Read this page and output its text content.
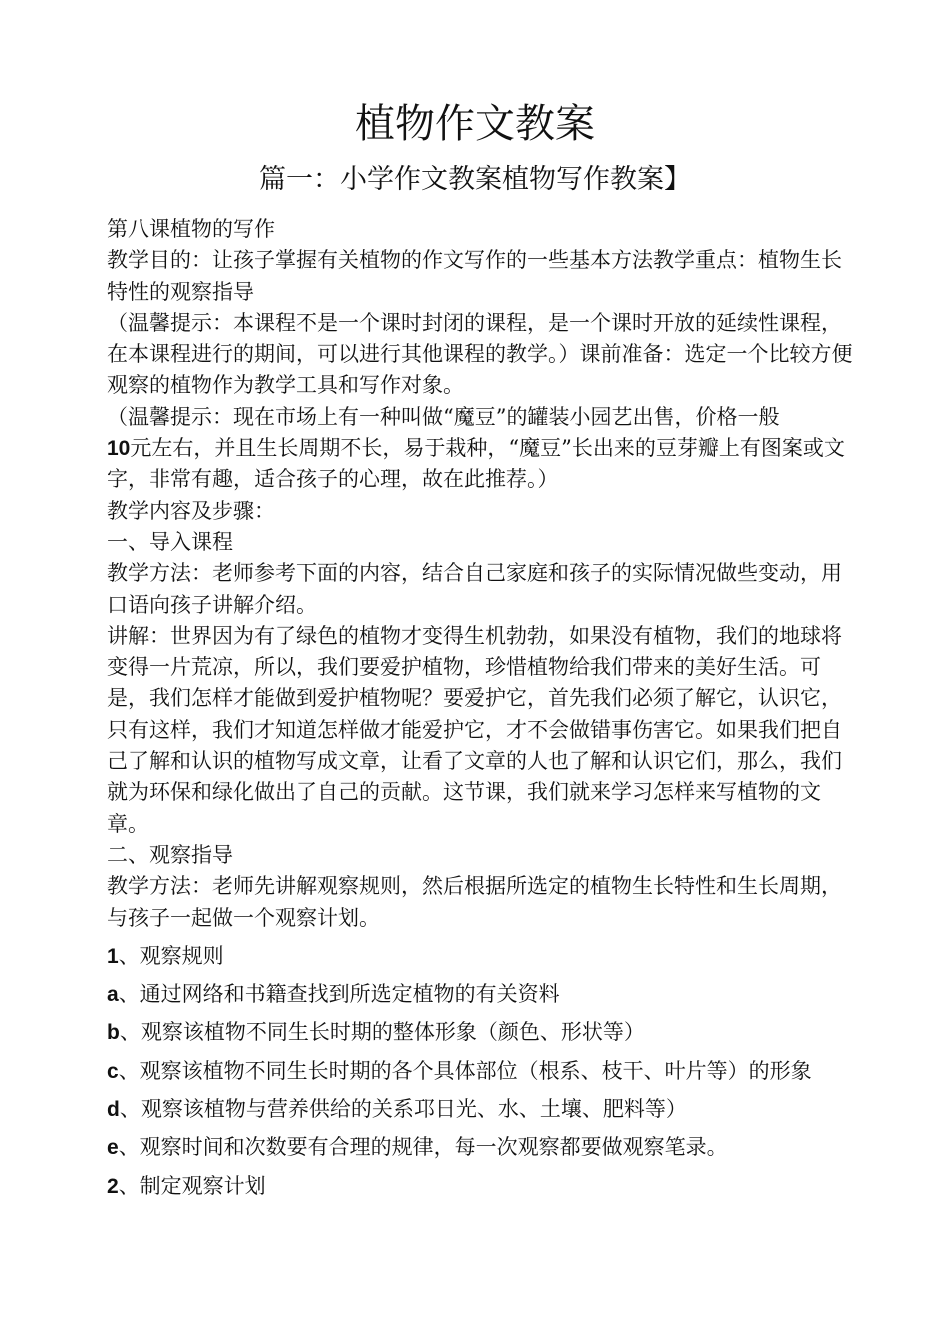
植物作文教案
篇一：小学作文教案植物写作教案】

第八课植物的写作

教学目的：让孩子掌握有关植物的作文写作的一些基本方法教学重点：植物生长特性的观察指导

（温馨提示：本课程不是一个课时封闭的课程，是一个课时开放的延续性课程，在本课程进行的期间，可以进行其他课程的教学。）课前准备：选定一个比较方便观察的植物作为教学工具和写作对象。

（温馨提示：现在市场上有一种叫做“魔豆”的罐装小园艺出售，价格一般
10元左右，并且生长周期不长，易于栽种，“魔豆”长出来的豆芽瓣上有图案或文字，非常有趣，适合孩子的心理，故在此推荐。）

教学内容及步骤：

一、导入课程

教学方法：老师参考下面的内容，结合自己家庭和孩子的实际情况做些变动，用口语向孩子讲解介绍。

讲解：世界因为有了绿色的植物才变得生机勃勃，如果没有植物，我们的地球将变得一片荒凉，所以，我们要爱护植物，珍惜植物给我们带来的美好生活。可是，我们怎样才能做到爱护植物呢？要爱护它，首先我们必须了解它，认识它，只有这样，我们才知道怎样做才能爱护它，才不会做错事伤害它。如果我们把自己了解和认识的植物写成文章，让看了文章的人也了解和认识它们，那么，我们就为环保和绿化做出了自己的贡献。这节课，我们就来学习怎样来写植物的文章。

二、观察指导

教学方法：老师先讲解观察规则，然后根据所选定的植物生长特性和生长周期，与孩子一起做一个观察计划。

1、观察规则

a、通过网络和书籍查找到所选定植物的有关资料

b、观察该植物不同生长时期的整体形象（颜色、形状等）

c、观察该植物不同生长时期的各个具体部位（根系、枝干、叶片等）的形象

d、观察该植物与营养供给的关系邛日光、水、土壤、肥料等）

e、观察时间和次数要有合理的规律，每一次观察都要做观察笔录。

2、制定观察计划
